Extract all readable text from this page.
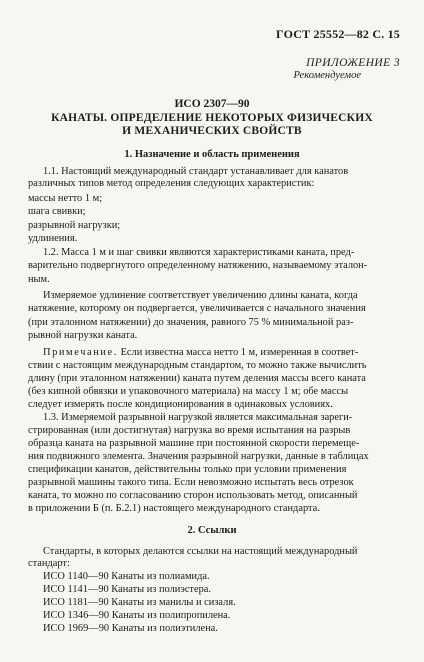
ГОСТ 25552—82 С. 15
ПРИЛОЖЕНИЕ 3
Рекомендуемое
ИСО 2307—90
КАНАТЫ. ОПРЕДЕЛЕНИЕ НЕКОТОРЫХ ФИЗИЧЕСКИХ
И МЕХАНИЧЕСКИХ СВОЙСТВ
1. Назначение и область применения
1.1. Настоящий международный стандарт устанавливает для канатов
различных типов метод определения следующих характеристик:
массы нетто 1 м;
шага свивки;
разрывной нагрузки;
удлинения.
1.2. Масса 1 м и шаг свивки являются характеристиками каната, пред-
варительно подвергнутого определенному натяжению, называемому эталон-
ным.
Измеряемое удлинение соответствует увеличению длины каната, когда
натяжение, которому он подвергается, увеличивается с начального значения
(при эталонном натяжении) до значения, равного 75 % минимальной раз-
рывной нагрузки каната.
Примечание. Если известна масса нетто 1 м, измеренная в соответ-
ствии с настоящим международным стандартом, то можно также вычислить
длину (при эталонном натяжении) каната путем деления массы всего каната
(без кипной обвязки и упаковочного материала) на массу 1 м; обе массы
следует измерять после кондиционирования в одинаковых условиях.
1.3. Измеряемой разрывной нагрузкой является максимальная зареги-
стрированная (или достигнутая) нагрузка во время испытания на разрыв
образца каната на разрывной машине при постоянной скорости перемеще-
ния подвижного элемента. Значения разрывной нагрузки, данные в таблицах
спецификации канатов, действительны только при условии применения
разрывной машины такого типа. Если невозможно испытать весь отрезок
каната, то можно по согласованию сторон использовать метод, описанный
в приложении Б (п. Б.2.1) настоящего международного стандарта.
2. Ссылки
Стандарты, в которых делаются ссылки на настоящий международный
стандарт:
ИСО 1140—90 Канаты из полиамида.
ИСО 1141—90 Канаты из полиэстера.
ИСО 1181—90 Канаты из манилы и сизаля.
ИСО 1346—90 Канаты из полипропилена.
ИСО 1969—90 Канаты из полиэтилена.
